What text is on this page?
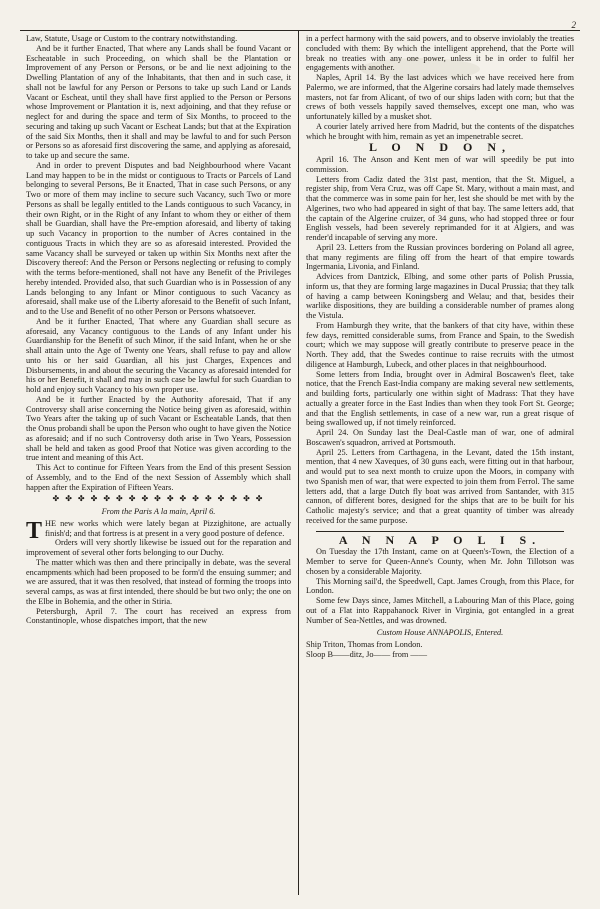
Law, Statute, Usage or Custom to the contrary notwithstanding.

And be it further Enacted, That where any Lands shall be found Vacant or Escheatable in such Proceeding, on which shall be the Plantation or Improvement of any Person or Persons, or be and lie next adjoining to the Dwelling Plantation of any of the Inhabitants, that then and in such case, it shall not be lawful for any Person or Persons to take up such Land or Lands Vacant or Escheat, until they shall have first applied to the Person or Persons whose Improvement or Plantation it is, next adjoining, and that they refuse or neglect for and during the space and term of Six Months, to proceed to the securing and taking up such Vacant or Escheat Lands; but that at the Expiration of the said Six Months, then it shall and may be lawful to and for such Person or Persons so as aforesaid first discovering the same, and applying as aforesaid, to take up and secure the same.

And in order to prevent Disputes and bad Neighbourhood where Vacant Land may happen to be in the midst or contiguous to Tracts or Parcels of Land belonging to several Persons, Be it Enacted, That in case such Persons, or any Two or more of them may incline to secure such Vacancy, such Two or more Persons as shall be legally entitled to the Lands contiguous to such Vacancy, in their own Right, or in the Right of any Infant to whom they or either of them shall be Guardian, shall have the Pre-emption aforesaid, and liberty of taking up such Vacancy in proportion to the number of Acres contained in the contiguous Tracts in which they are so as aforesaid interested. Provided the same Vacancy shall be surveyed or taken up within Six Months next after the Discovery thereof: And the Person or Persons neglecting or refusing to comply with the terms before-mentioned, shall not have any Benefit of the Privileges hereby intended. Provided also, that such Guardian who is in Possession of any Lands belonging to any Infant or Minor contiguous to such Vacancy as aforesaid, shall make use of the Liberty aforesaid to the Benefit of such Infant, and to the Use and Benefit of no other Person or Persons whatsoever.

And be it further Enacted, That where any Guardian shall secure as aforesaid, any Vacancy contiguous to the Lands of any Infant under his Guardianship for the Benefit of such Minor, if the said Infant, when he or she shall attain unto the Age of Twenty one Years, shall refuse to pay and allow unto his or her said Guardian, all his just Charges, Expences and Disbursements, in and about the securing the Vacancy as aforesaid intended for his or her Benefit, it shall and may in such case be lawful for such Guardian to hold and enjoy such Vacancy to his own proper use.

And be it further Enacted by the Authority aforesaid, That if any Controversy shall arise concerning the Notice being given as aforesaid, within Two Years after the taking up of such Vacant or Escheatable Lands, that then the Onus probandi shall be upon the Person who ought to have given the Notice as aforesaid; and if no such Controversy doth arise in Two Years, Possession shall be held and taken as good Proof that Notice was given according to the true intent and meaning of this Act.

This Act to continue for Fifteen Years from the End of this present Session of Assembly, and to the End of the next Session of Assembly which shall happen after the Expiration of Fifteen Years.

✤ ✤ ✤ ✤ ✤ ✤ ✤ ✤ ✤ ✤ ✤ ✤ ✤ ✤ ✤ ✤ ✤
From the Paris A la main, April 6.

THE new works which were lately began at Pizzighitone, are actually finish'd; and that fortress is at present in a very good posture of defence.

Orders will very shortly likewise be issued out for the reparation and improvement of several other forts belonging to our Duchy.

The matter which was then and there principally in debate, was the several encampments which had been proposed to be form'd the ensuing summer; and we are assured, that it was then resolved, that instead of forming the troops into several camps, as was at first intended, there should be but two only; the one on the Elbe in Bohemia, and the other in Stiria.

Petersburgh, April 7. The court has received an express from Constantinople, whose dispatches import, that the new

in a perfect harmony with the said powers, and to observe inviolably the treaties concluded with them: By which the intelligent apprehend, that the Porte will break no treaties with any one power, unless it be in order to fulfil her engagements with another.

Naples, April 14. By the last advices which we have received here from Palermo, we are informed, that the Algerine corsairs had lately made themselves masters, not far from Alicant, of two of our ships laden with corn; but that the crews of both vessels happily saved themselves, except one man, who was unfortunately killed by a musket shot.

A courier lately arrived here from Madrid, but the contents of the dispatches which he brought with him, remain as yet an impenetrable secret.

L O N D O N,

April 16. The Anson and Kent men of war will speedily be put into commission.

Letters from Cadiz dated the 31st past, mention, that the St. Miguel, a register ship, from Vera Cruz, was off Cape St. Mary, without a main mast, and that the commerce was in some pain for her, lest she should be met with by the Algerines, two who had appeared in sight of that bay. The same letters add, that the captain of the Algerine cruizer, of 34 guns, who had stopped three or four English vessels, had been severely reprimanded for it at Algiers, and was render'd incapable of serving any more.

April 23. Letters from the Russian provinces bordering on Poland all agree, that many regiments are filing off from the heart of that empire towards Ingermania, Livonia, and Finland.

Advices from Dantzick, Elbing, and some other parts of Polish Prussia, inform us, that they are forming large magazines in Ducal Prussia; that they talk of having a camp between Koningsberg and Welau; and that, besides their warlike dispositions, they are building a considerable number of prames along the Vistula.

From Hamburgh they write, that the bankers of that city have, within these few days, remitted considerable sums, from France and Spain, to the Swedish court; which we may suppose will greatly contribute to preserve peace in the North. They add, that the Swedes continue to raise recruits with the utmost diligence at Hamburgh, Lubeck, and other places in that neighbourhood.

Some letters from India, brought over in Admiral Boscawen's fleet, take notice, that the French East-India company are making several new settlements, and building forts, particularly one within sight of Madrass: That they have actually a greater force in the East Indies than when they took Fort St. George; and that the English settlements, in case of a new war, run a great risque of being swallowed up, if not timely reinforced.

April 24. On Sunday last the Deal-Castle man of war, one of admiral Boscawen's squadron, arrived at Portsmouth.

April 25. Letters from Carthagena, in the Levant, dated the 15th instant, mention, that 4 new Xaveques, of 30 guns each, were fitting out in that harbour, and would put to sea next month to cruize upon the Moors, in company with two Spanish men of war, that were expected to join them from Ferrol. The same letters add, that a large Dutch fly boat was arrived from Santander, with 315 cannon, of different bores, designed for the ships that are to be built for his Catholic majesty's service; and that a great quantity of timber was already received for the same purpose.

A N N A P O L I S.

On Tuesday the 17th Instant, came on at Queen's-Town, the Election of a Member to serve for Queen-Anne's County, when Mr. John Tillotson was chosen by a considerable Majority.

This Morning sail'd, the Speedwell, Capt. James Crough, from this Place, for London.

Some few Days since, James Mitchell, a Labouring Man of this Place, going out of a Flat into Rappahanock River in Virginia, got entangled in a great Number of Sea-Nettles, and was drowned.

Custom House ANNAPOLIS, Entered.

Ship Triton, Thomas from London.

Sloop B——ditz, Jo—— from ——

2
